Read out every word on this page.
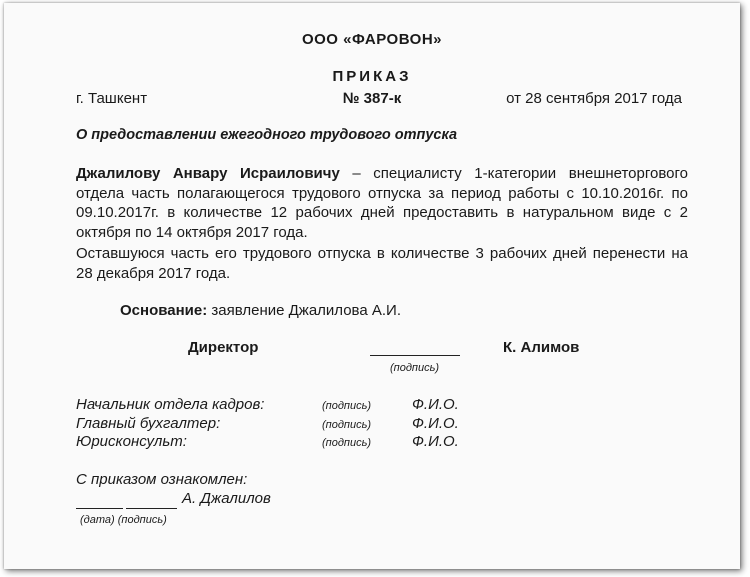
ООО «ФАРОВОН»
ПРИКАЗ
г. Ташкент	№ 387-к	от 28 сентября 2017 года
О предоставлении ежегодного трудового отпуска

Джалилову Анвару Исраиловичу – специалисту 1-категории внешнеторгового отдела часть полагающегося трудового отпуска за период работы с 10.10.2016г. по 09.10.2017г. в количестве 12 рабочих дней предоставить в натуральном виде с 2 октября по 14 октября 2017 года.

Оставшуюся часть его трудового отпуска в количестве 3 рабочих дней перенести на 28 декабря 2017 года.

Основание: заявление Джалилова А.И.
Директор
(подпись)
К. Алимов
Начальник отдела кадров:	(подпись)	Ф.И.О.
Главный бухгалтер:	(подпись)	Ф.И.О.
Юрисконсульт:	(подпись)	Ф.И.О.
С приказом ознакомлен:
А. Джалилов
(дата) (подпись)
